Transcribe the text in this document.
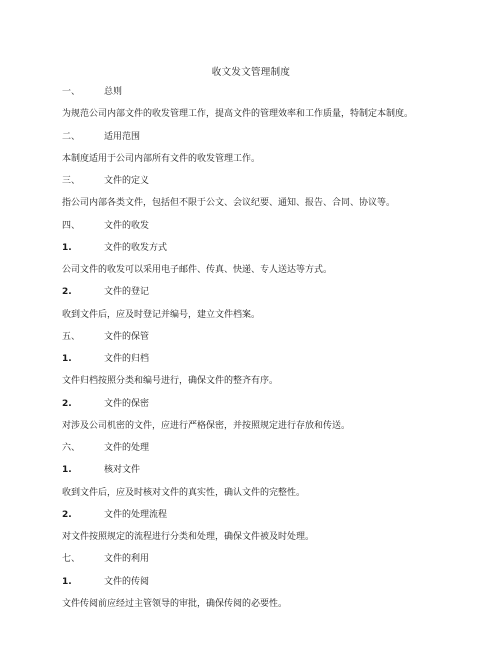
收文发文管理制度
一、	总则
为规范公司内部文件的收发管理工作，提高文件的管理效率和工作质量，特制定本制度。
二、	适用范围
本制度适用于公司内部所有文件的收发管理工作。
三、	文件的定义
指公司内部各类文件，包括但不限于公文、会议纪要、通知、报告、合同、协议等。
四、	文件的收发
1.	文件的收发方式
公司文件的收发可以采用电子邮件、传真、快递、专人送达等方式。
2.	文件的登记
收到文件后，应及时登记并编号，建立文件档案。
五、	文件的保管
1.	文件的归档
文件归档按照分类和编号进行，确保文件的整齐有序。
2.	文件的保密
对涉及公司机密的文件，应进行严格保密，并按照规定进行存放和传送。
六、	文件的处理
1.	核对文件
收到文件后，应及时核对文件的真实性，确认文件的完整性。
2.	文件的处理流程
对文件按照规定的流程进行分类和处理，确保文件被及时处理。
七、	文件的利用
1.	文件的传阅
文件传阅前应经过主管领导的审批，确保传阅的必要性。
